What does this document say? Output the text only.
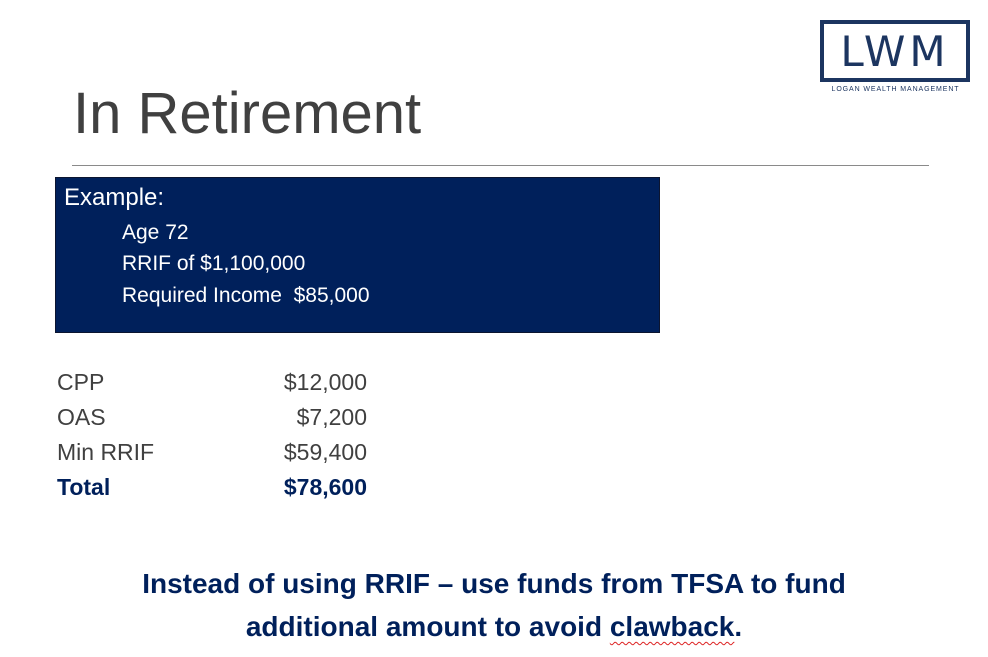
LWM
LOGAN WEALTH MANAGEMENT
In Retirement
Example:
Age 72
RRIF of $1,100,000
Required Income  $85,000
CPP	$12,000
OAS	$7,200
Min RRIF	$59,400
Total	$78,600
Instead of using RRIF – use funds from TFSA to fund
additional amount to avoid clawback.
